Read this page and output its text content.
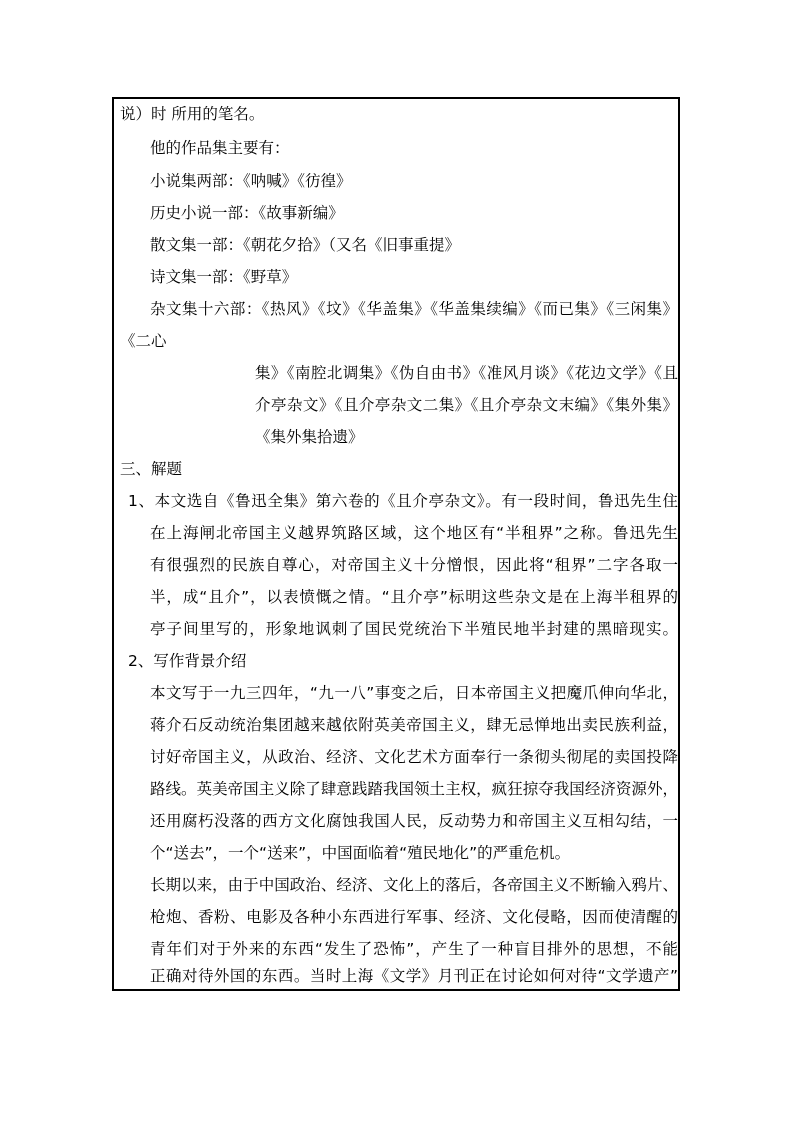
说）时 所用的笔名。
他的作品集主要有：
小说集两部：《呐喊》《彷徨》
历史小说一部：《故事新编》
散文集一部：《朝花夕拾》（又名《旧事重提》
诗文集一部：《野草》
杂文集十六部：《热风》《坟》《华盖集》《华盖集续编》《而已集》《三闲集》
《二心
集》《南腔北调集》《伪自由书》《准风月谈》《花边文学》《且
介亭杂文》《且介亭杂文二集》《且介亭杂文末编》《集外集》
《集外集拾遗》
三、解题
1、本文选自《鲁迅全集》第六卷的《且介亭杂文》。有一段时间，鲁迅先生住
在上海闸北帝国主义越界筑路区域，这个地区有“半租界”之称。鲁迅先生
有很强烈的民族自尊心，对帝国主义十分憎恨，因此将“租界”二字各取一
半，成“且介”，以表愤慨之情。“且介亭”标明这些杂文是在上海半租界的
亭子间里写的，形象地讽刺了国民党统治下半殖民地半封建的黑暗现实。
2、写作背景介绍
本文写于一九三四年，“九一八”事变之后，日本帝国主义把魔爪伸向华北，
蒋介石反动统治集团越来越依附英美帝国主义，肆无忌惮地出卖民族利益，
讨好帝国主义，从政治、经济、文化艺术方面奉行一条彻头彻尾的卖国投降
路线。英美帝国主义除了肆意践踏我国领土主权，疯狂掠夺我国经济资源外，
还用腐朽没落的西方文化腐蚀我国人民，反动势力和帝国主义互相勾结，一
个“送去”，一个“送来”，中国面临着“殖民地化”的严重危机。
长期以来，由于中国政治、经济、文化上的落后，各帝国主义不断输入鸦片、
枪炮、香粉、电影及各种小东西进行军事、经济、文化侵略，因而使清醒的
青年们对于外来的东西“发生了恐怖”，产生了一种盲目排外的思想，不能
正确对待外国的东西。当时上海《文学》月刊正在讨论如何对待“文学遗产”
